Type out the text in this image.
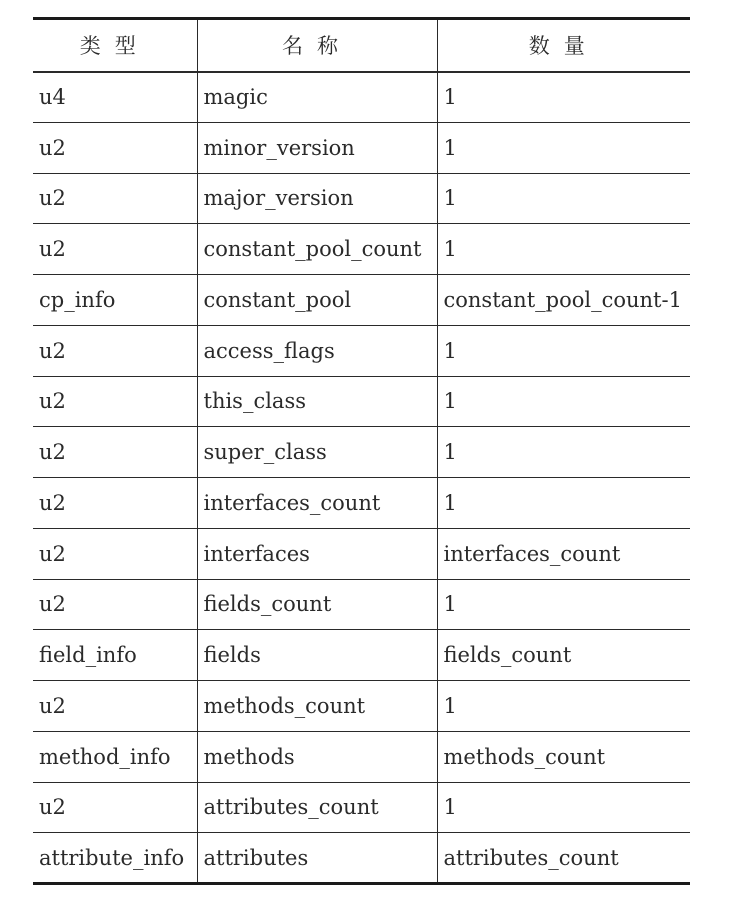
类型	名称	数量
u4	magic	1
u2	minor_version	1
u2	major_version	1
u2	constant_pool_count	1
cp_info	constant_pool	constant_pool_count-1
u2	access_flags	1
u2	this_class	1
u2	super_class	1
u2	interfaces_count	1
u2	interfaces	interfaces_count
u2	fields_count	1
field_info	fields	fields_count
u2	methods_count	1
method_info	methods	methods_count
u2	attributes_count	1
attribute_info	attributes	attributes_count
